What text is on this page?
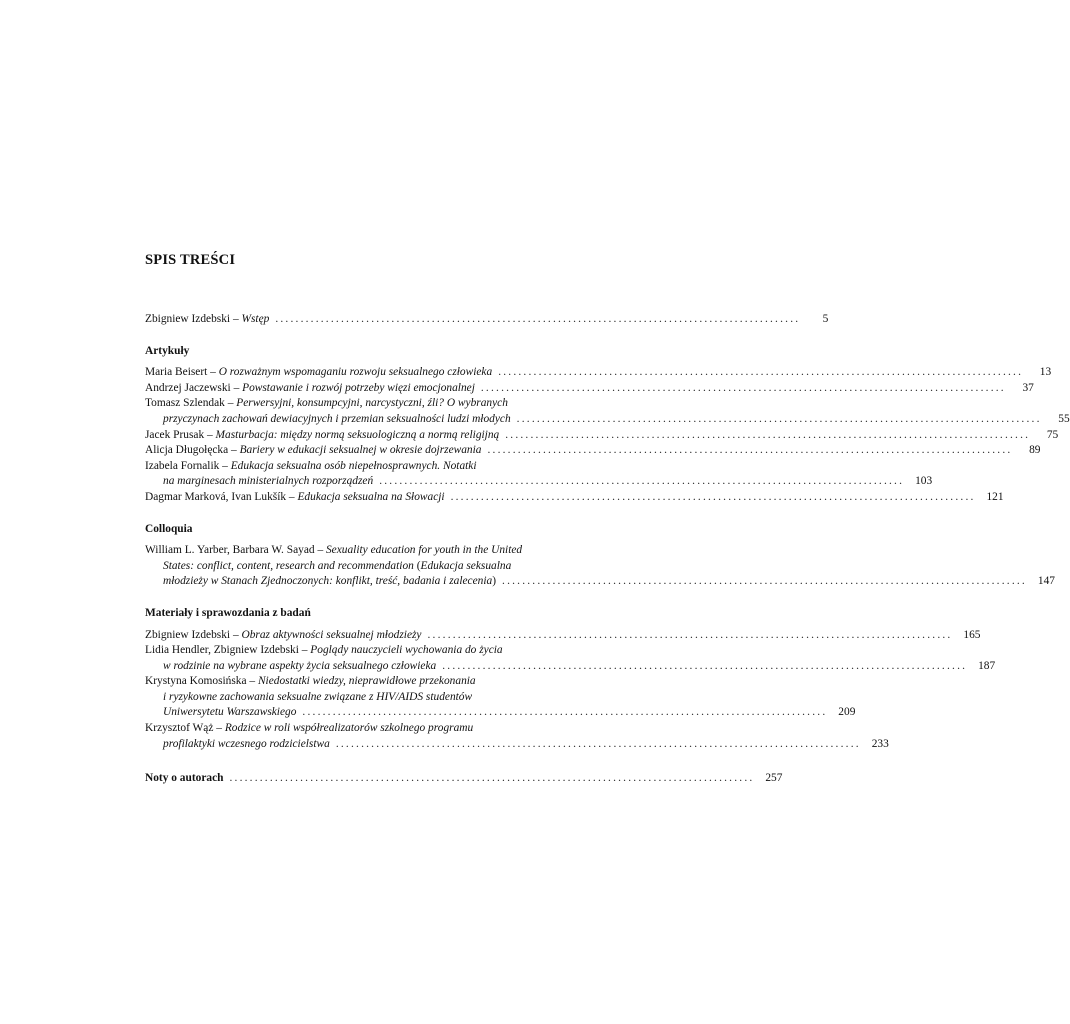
SPIS TREŚCI
Zbigniew Izdebski – Wstęp ........................................................................................................	5
Artykuły
Maria Beisert – O rozważnym wspomaganiu rozwoju seksualnego człowieka ........................................................................................................	13
Andrzej Jaczewski – Powstawanie i rozwój potrzeby więzi emocjonalnej ........................................................................................................	37
Tomasz Szlendak – Perwersyjni, konsumpcyjni, narcystyczni, źli? O wybranych
przyczynach zachowań dewiacyjnych i przemian seksualności ludzi młodych ........................................................................................................	55
Jacek Prusak – Masturbacja: między normą seksuologiczną a normą religijną ........................................................................................................	75
Alicja Długołęcka – Bariery w edukacji seksualnej w okresie dojrzewania ........................................................................................................	89
Izabela Fornalik – Edukacja seksualna osób niepełnosprawnych. Notatki
na marginesach ministerialnych rozporządzeń ........................................................................................................ 103
Dagmar Marková, Ivan Lukšík – Edukacja seksualna na Słowacji ........................................................................................................ 121
Colloquia
William L. Yarber, Barbara W. Sayad – Sexuality education for youth in the United
States: conflict, content, research and recommendation (Edukacja seksualna
młodzieży w Stanach Zjednoczonych: konflikt, treść, badania i zalecenia) ........................................................................................................ 147
Materiały i sprawozdania z badań
Zbigniew Izdebski – Obraz aktywności seksualnej młodzieży ........................................................................................................ 165
Lidia Hendler, Zbigniew Izdebski – Poglądy nauczycieli wychowania do życia
w rodzinie na wybrane aspekty życia seksualnego człowieka ........................................................................................................ 187
Krystyna Komosińska – Niedostatki wiedzy, nieprawidłowe przekonania
i ryzykowne zachowania seksualne związane z HIV/AIDS studentów
Uniwersytetu Warszawskiego ........................................................................................................ 209
Krzysztof Wąż – Rodzice w roli współrealizatorów szkolnego programu
profilaktyki wczesnego rodzicielstwa ........................................................................................................ 233
Noty o autorach ........................................................................................................ 257
